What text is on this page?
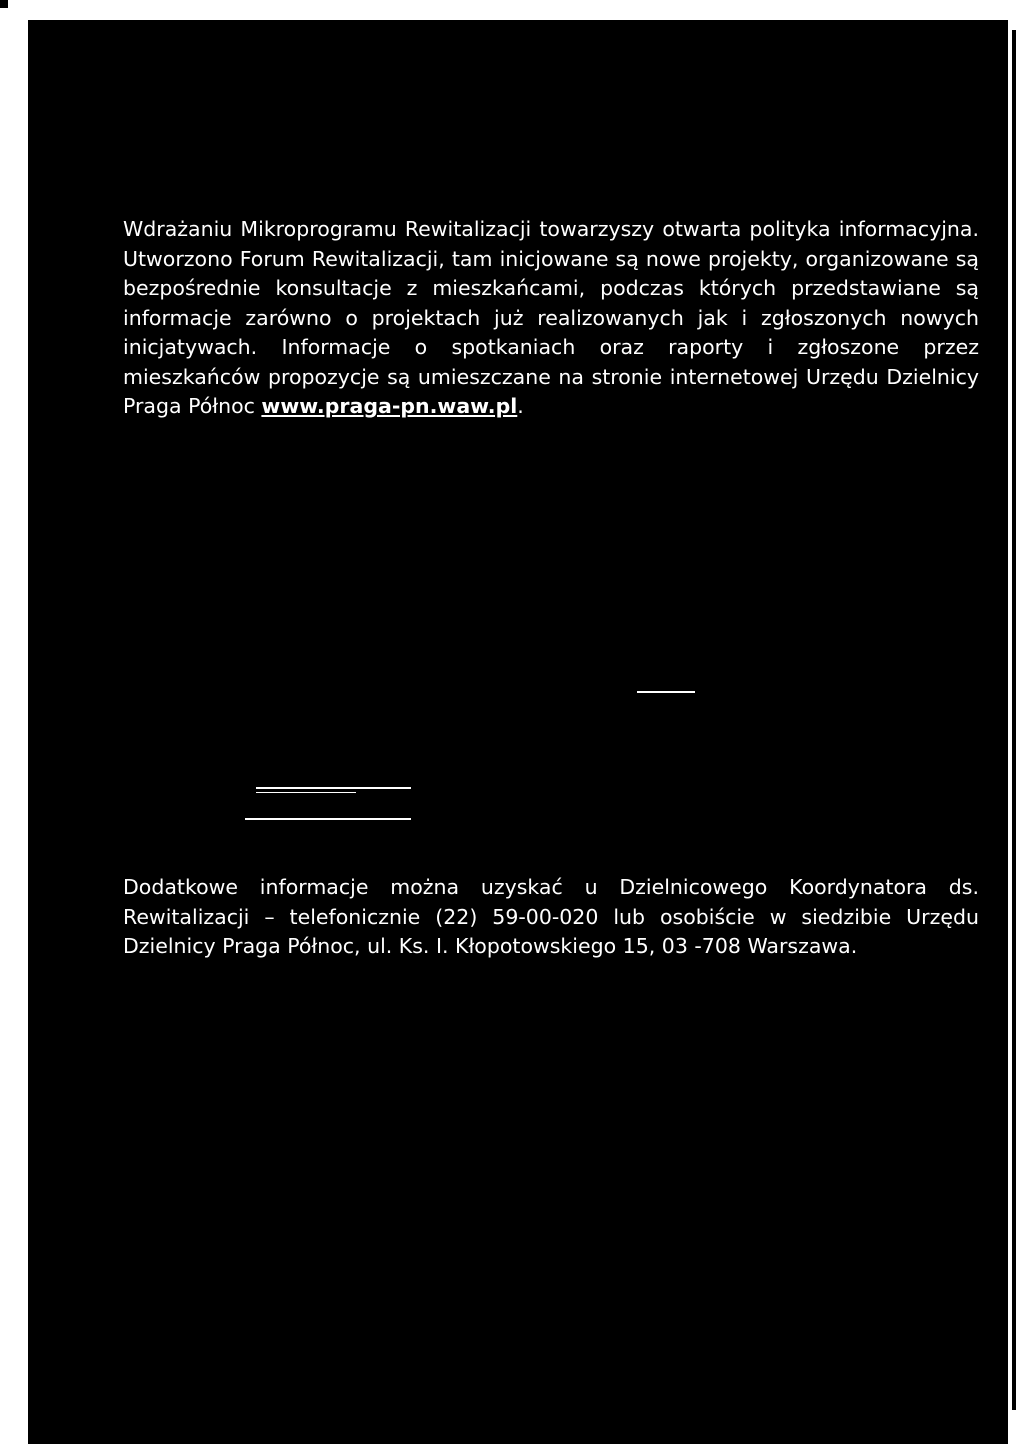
Wdrażaniu Mikroprogramu Rewitalizacji towarzyszy otwarta polityka informacyjna. Utworzono Forum Rewitalizacji, tam inicjowane są nowe projekty, organizowane są bezpośrednie konsultacje z mieszkańcami, podczas których przedstawiane są informacje zarówno o projektach już realizowanych jak i zgłoszonych nowych inicjatywach. Informacje o spotkaniach oraz raporty i zgłoszone przez mieszkańców propozycje są umieszczane na stronie internetowej Urzędu Dzielnicy Praga Północ www.praga-pn.waw.pl.

Dodatkowe informacje można uzyskać u Dzielnicowego Koordynatora ds. Rewitalizacji – telefonicznie (22) 59-00-020 lub osobiście w siedzibie Urzędu Dzielnicy Praga Północ, ul. Ks. I. Kłopotowskiego 15, 03 -708 Warszawa.
